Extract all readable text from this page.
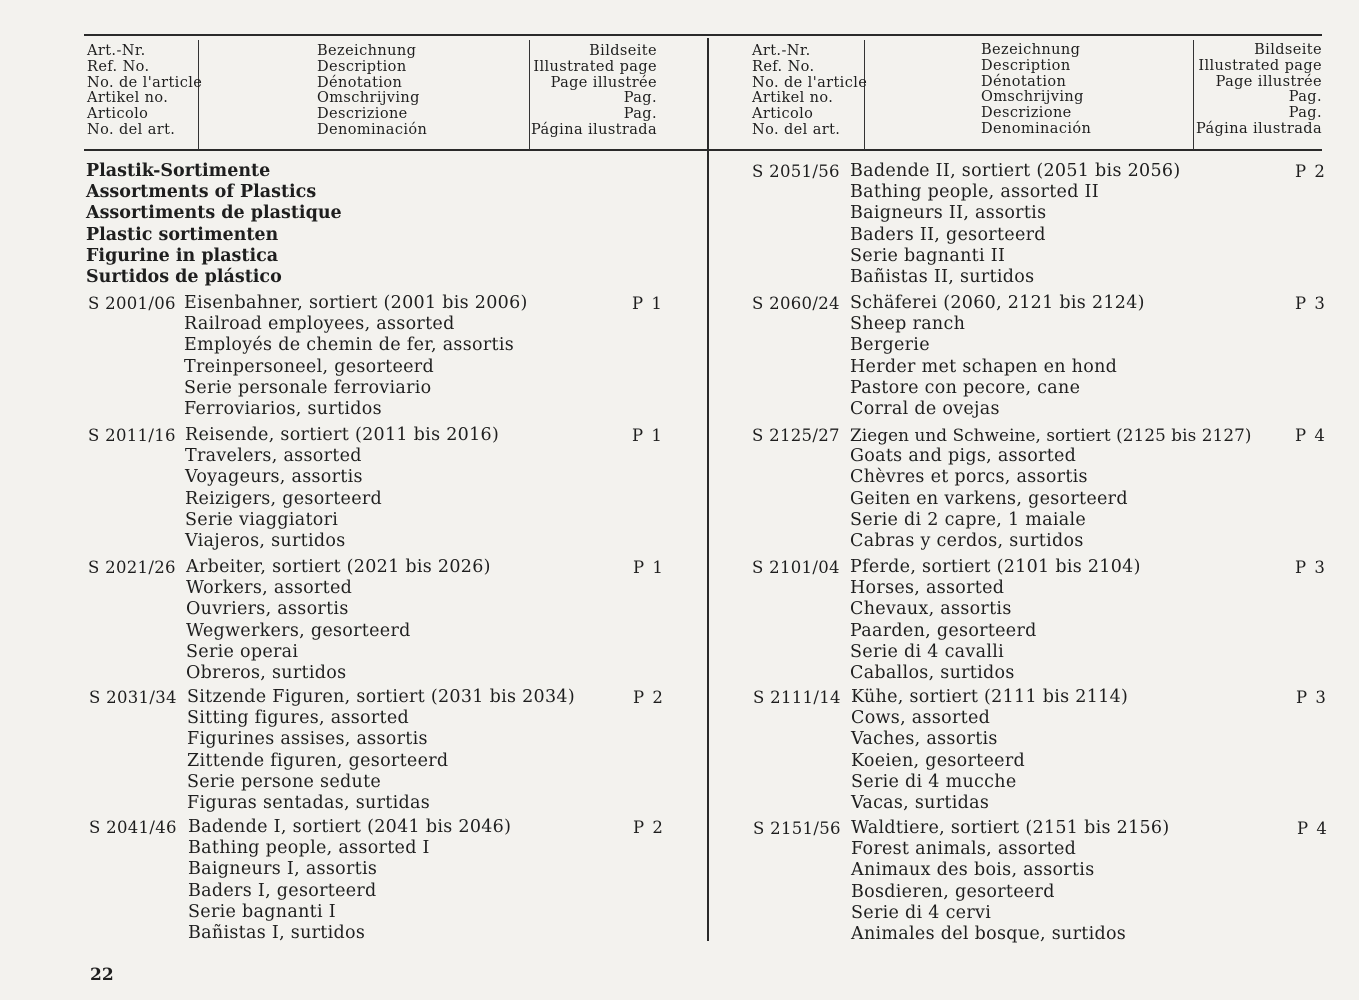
Art.-Nr.
Ref. No.
No. de l'article
Artikel no.
Articolo
No. del art.
Bezeichnung
Description
Dénotation
Omschrijving
Descrizione
Denominación
Bildseite
Illustrated page
Page illustrée
Pag.
Pag.
Página ilustrada
Art.-Nr.
Ref. No.
No. de l'article
Artikel no.
Articolo
No. del art.
Bezeichnung
Description
Dénotation
Omschrijving
Descrizione
Denominación
Bildseite
Illustrated page
Page illustrée
Pag.
Pag.
Página ilustrada
Plastik-Sortimente
Assortments of Plastics
Assortiments de plastique
Plastic sortimenten
Figurine in plastica
Surtidos de plástico
S 2001/06 Eisenbahner, sortiert (2001 bis 2006)
Railroad employees, assorted
Employés de chemin de fer, assortis
Treinpersoneel, gesorteerd
Serie personale ferroviario
Ferroviarios, surtidos
P 1
S 2011/16 Reisende, sortiert (2011 bis 2016)
Travelers, assorted
Voyageurs, assortis
Reizigers, gesorteerd
Serie viaggiatori
Viajeros, surtidos
P 1
S 2021/26 Arbeiter, sortiert (2021 bis 2026)
Workers, assorted
Ouvriers, assortis
Wegwerkers, gesorteerd
Serie operai
Obreros, surtidos
P 1
S 2031/34 Sitzende Figuren, sortiert (2031 bis 2034)
Sitting figures, assorted
Figurines assises, assortis
Zittende figuren, gesorteerd
Serie persone sedute
Figuras sentadas, surtidas
P 2
S 2041/46 Badende I, sortiert (2041 bis 2046)
Bathing people, assorted I
Baigneurs I, assortis
Baders I, gesorteerd
Serie bagnanti I
Bañistas I, surtidos
P 2
S 2051/56 Badende II, sortiert (2051 bis 2056)
Bathing people, assorted II
Baigneurs II, assortis
Baders II, gesorteerd
Serie bagnanti II
Bañistas II, surtidos
P 2
S 2060/24 Schäferei (2060, 2121 bis 2124)
Sheep ranch
Bergerie
Herder met schapen en hond
Pastore con pecore, cane
Corral de ovejas
P 3
S 2125/27 Ziegen und Schweine, sortiert (2125 bis 2127)
Goats and pigs, assorted
Chèvres et porcs, assortis
Geiten en varkens, gesorteerd
Serie di 2 capre, 1 maiale
Cabras y cerdos, surtidos
P 4
S 2101/04 Pferde, sortiert (2101 bis 2104)
Horses, assorted
Chevaux, assortis
Paarden, gesorteerd
Serie di 4 cavalli
Caballos, surtidos
P 3
S 2111/14 Kühe, sortiert (2111 bis 2114)
Cows, assorted
Vaches, assortis
Koeien, gesorteerd
Serie di 4 mucche
Vacas, surtidas
P 3
S 2151/56 Waldtiere, sortiert (2151 bis 2156)
Forest animals, assorted
Animaux des bois, assortis
Bosdieren, gesorteerd
Serie di 4 cervi
Animales del bosque, surtidos
P 4
22
